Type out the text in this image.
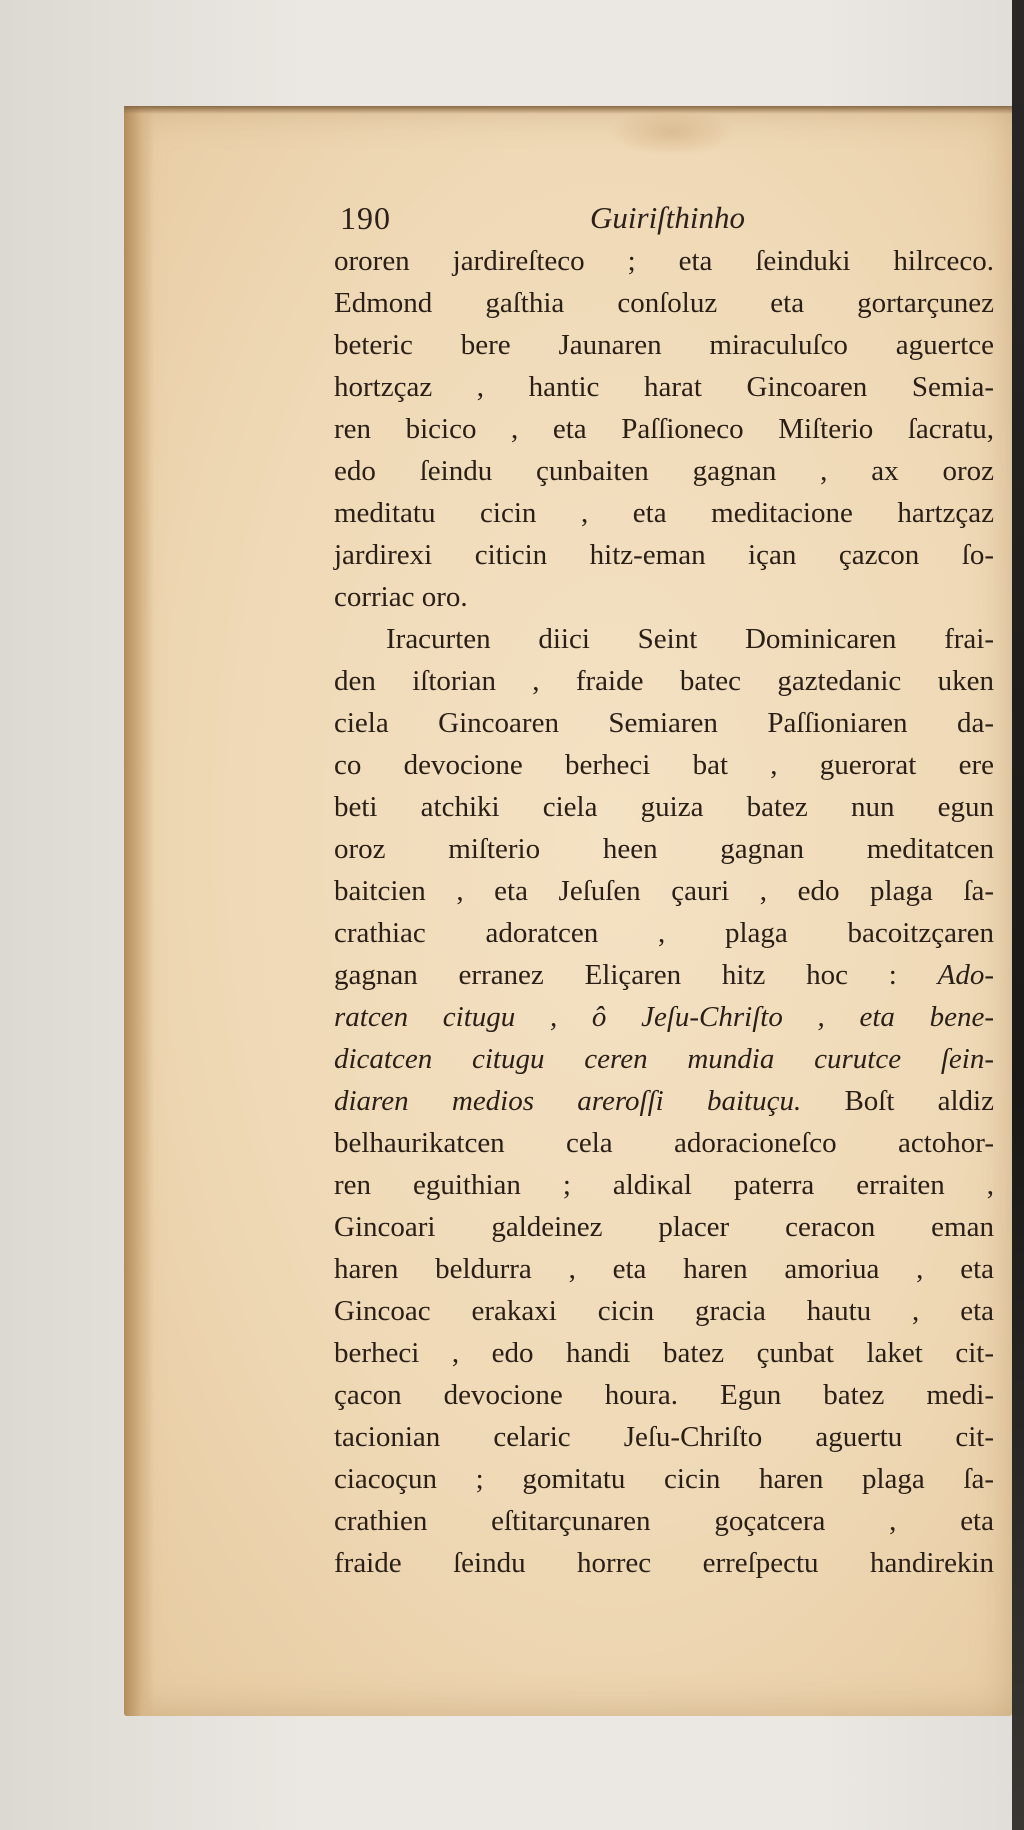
190	Guiriſthinho
ororen jardireſteco ; eta ſeinduki hilrceco.
Edmond gaſthia conſoluz eta gortarçunez
beteric bere Jaunaren miraculuſco aguertce
hortzçaz , hantic harat Gincoaren Semia-
ren bicico , eta Paſſioneco Miſterio ſacratu,
edo ſeindu çunbaiten gagnan , ax oroz
meditatu cicin , eta meditacione hartzçaz
jardirexi citicin hitz-eman içan çazcon ſo-
corriac oro.
Iracurten diici Seint Dominicaren frai-
den iſtorian , fraide batec gaztedanic uken
ciela Gincoaren Semiaren Paſſioniaren da-
co devocione berheci bat , guerorat ere
beti atchiki ciela guiza batez nun egun
oroz miſterio heen gagnan meditatcen
baitcien , eta Jeſuſen çauri , edo plaga ſa-
crathiac adoratcen , plaga bacoitzçaren
gagnan erranez Eliçaren hitz hoc : Ado-
ratcen citugu , ô Jeſu-Chriſto , eta bene-
dicatcen citugu ceren mundia curutce ſein-
diaren medios areroſſi baituçu. Boſt aldiz
belhaurikatcen cela adoracioneſco actohor-
ren eguithian ; aldiκal paterra erraiten ,
Gincoari galdeinez placer ceracon eman
haren beldurra , eta haren amoriua , eta
Gincoac erakaxi cicin gracia hautu , eta
berheci , edo handi batez çunbat laket cit-
çacon devocione houra. Egun batez medi-
tacionian celaric Jeſu-Chriſto aguertu cit-
ciacoçun ; gomitatu cicin haren plaga ſa-
crathien eſtitarçunaren goçatcera , eta
fraide ſeindu horrec erreſpectu handirekin
